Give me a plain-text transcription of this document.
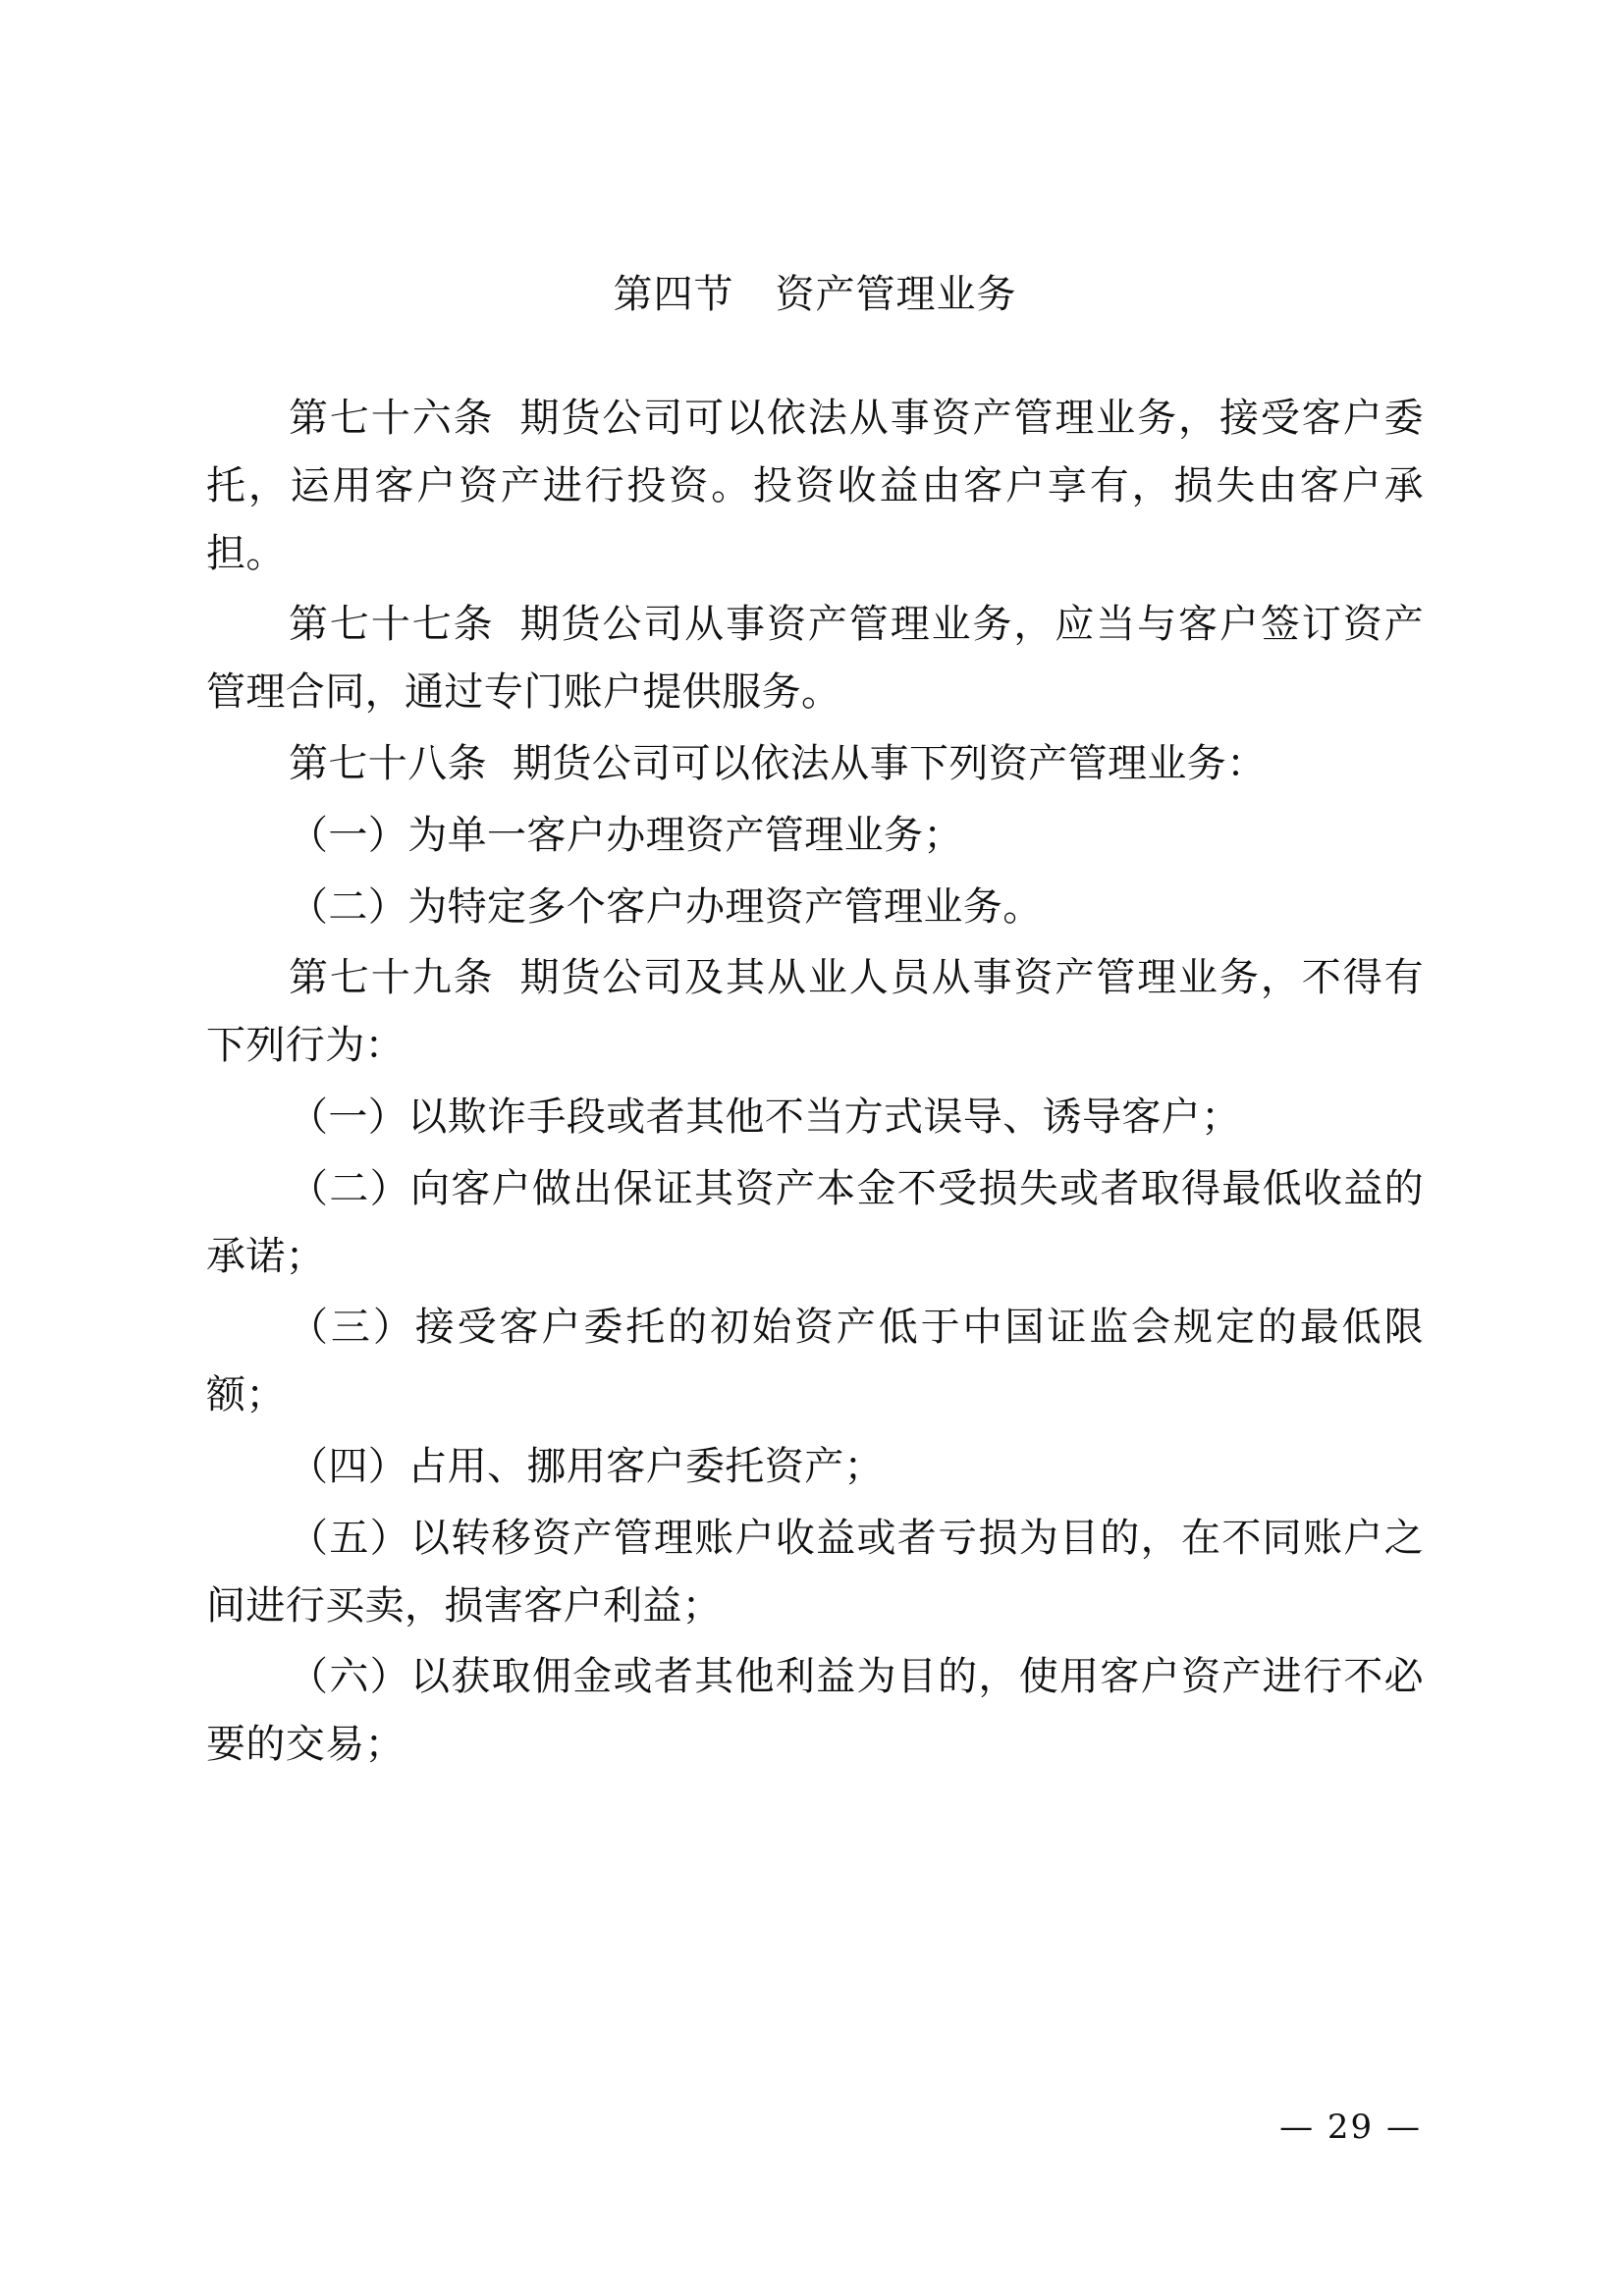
第四节 资产管理业务

第七十六条 期货公司可以依法从事资产管理业务，接受客户委托，运用客户资产进行投资。投资收益由客户享有，损失由客户承担。

第七十七条 期货公司从事资产管理业务，应当与客户签订资产管理合同，通过专门账户提供服务。

第七十八条 期货公司可以依法从事下列资产管理业务：

（一）为单一客户办理资产管理业务；

（二）为特定多个客户办理资产管理业务。

第七十九条 期货公司及其从业人员从事资产管理业务，不得有下列行为：

（一）以欺诈手段或者其他不当方式误导、诱导客户；

（二）向客户做出保证其资产本金不受损失或者取得最低收益的承诺；

（三）接受客户委托的初始资产低于中国证监会规定的最低限额；

（四）占用、挪用客户委托资产；

（五）以转移资产管理账户收益或者亏损为目的，在不同账户之间进行买卖，损害客户利益；

（六）以获取佣金或者其他利益为目的，使用客户资产进行不必要的交易；

— 29 —
